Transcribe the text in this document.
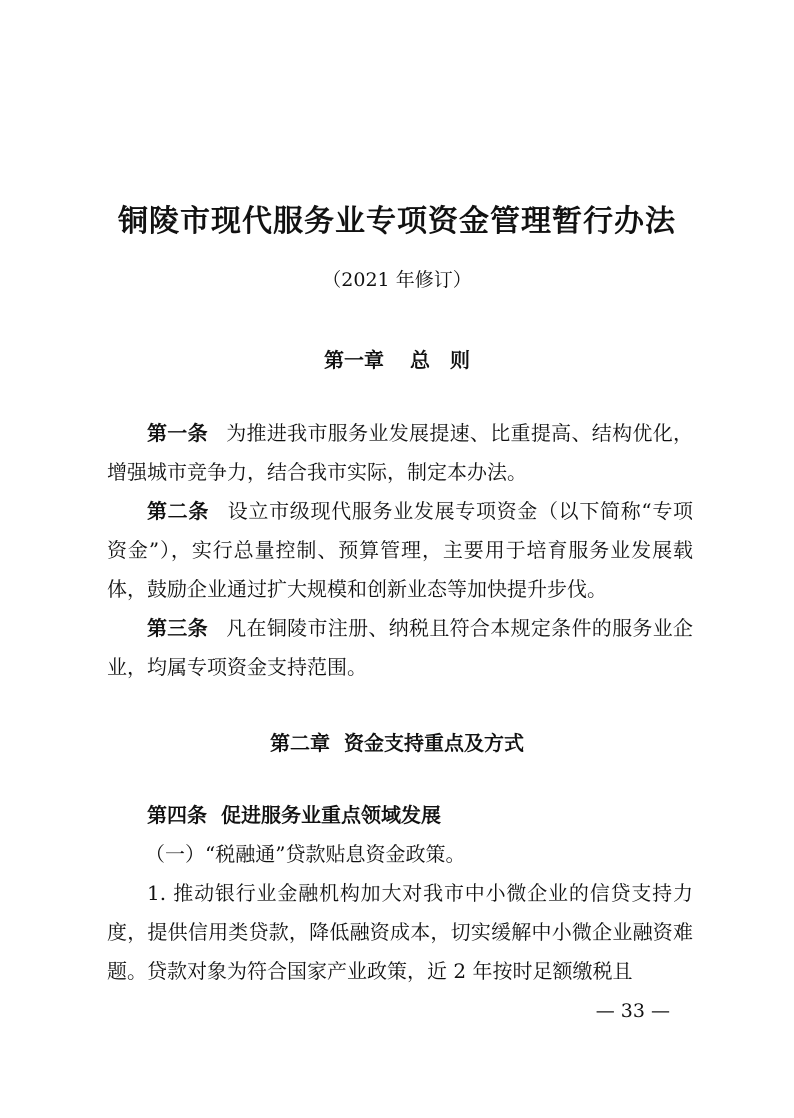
铜陵市现代服务业专项资金管理暂行办法

（2021 年修订）

第一章 总　则

第一条 为推进我市服务业发展提速、比重提高、结构优化，增强城市竞争力，结合我市实际，制定本办法。

第二条 设立市级现代服务业发展专项资金（以下简称“专项资金”），实行总量控制、预算管理，主要用于培育服务业发展载体，鼓励企业通过扩大规模和创新业态等加快提升步伐。

第三条 凡在铜陵市注册、纳税且符合本规定条件的服务业企业，均属专项资金支持范围。

第二章 资金支持重点及方式

第四条 促进服务业重点领域发展

（一）“税融通”贷款贴息资金政策。

1. 推动银行业金融机构加大对我市中小微企业的信贷支持力度，提供信用类贷款，降低融资成本，切实缓解中小微企业融资难题。贷款对象为符合国家产业政策，近 2 年按时足额缴税且

— 33 —
